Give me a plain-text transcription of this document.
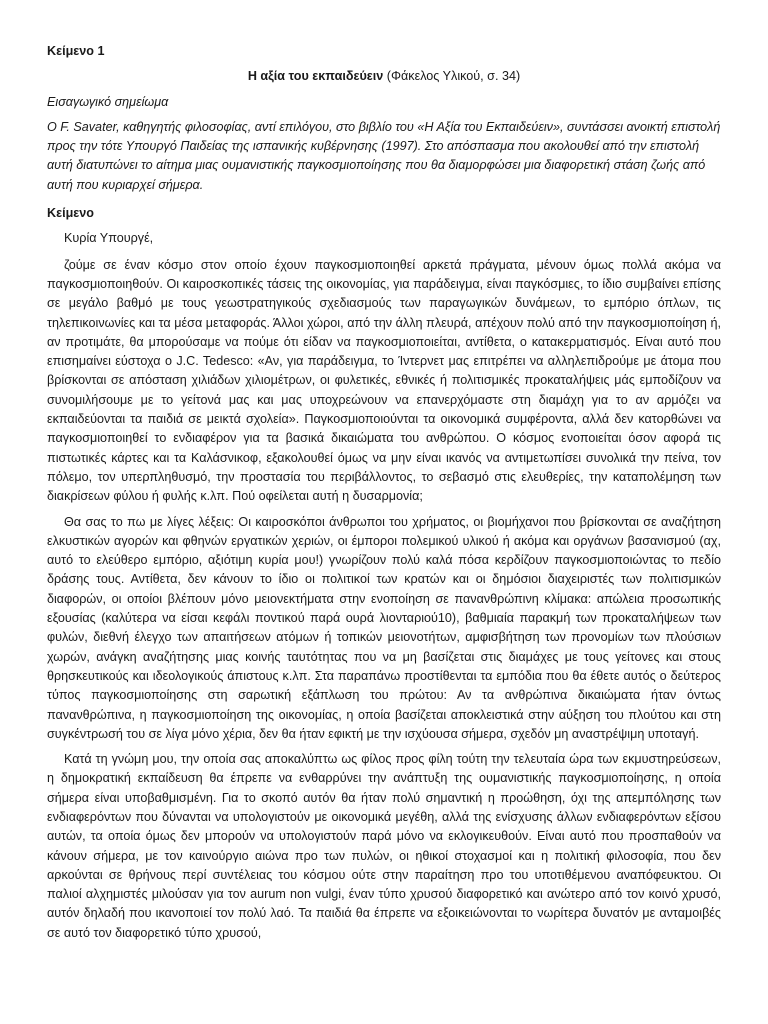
Κείμενο 1

Η αξία του εκπαιδεύειν (Φάκελος Υλικού, σ. 34)

Εισαγωγικό σημείωμα

Ο F. Savater, καθηγητής φιλοσοφίας, αντί επιλόγου, στο βιβλίο του «Η Αξία του Εκπαιδεύειν», συντάσσει ανοικτή επιστολή προς την τότε Υπουργό Παιδείας της ισπανικής κυβέρνησης (1997). Στο απόσπασμα που ακολουθεί από την επιστολή αυτή διατυπώνει το αίτημα μιας ουμανιστικής παγκοσμιοποίησης που θα διαμορφώσει μια διαφορετική στάση ζωής από αυτή που κυριαρχεί σήμερα.

Κείμενο

Κυρία Υπουργέ,

ζούμε σε έναν κόσμο στον οποίο έχουν παγκοσμιοποιηθεί αρκετά πράγματα, μένουν όμως πολλά ακόμα να παγκοσμιοποιηθούν. Οι καιροσκοπικές τάσεις της οικονομίας, για παράδειγμα, είναι παγκόσμιες, το ίδιο συμβαίνει επίσης σε μεγάλο βαθμό με τους γεωστρατηγικούς σχεδιασμούς των παραγωγικών δυνάμεων, το εμπόριο όπλων, τις τηλεπικοινωνίες και τα μέσα μεταφοράς. Άλλοι χώροι, από την άλλη πλευρά, απέχουν πολύ από την παγκοσμιοποίηση ή, αν προτιμάτε, θα μπορούσαμε να πούμε ότι είδαν να παγκοσμιοποιείται, αντίθετα, ο κατακερματισμός. Είναι αυτό που επισημαίνει εύστοχα ο J.C. Tedesco: «Αν, για παράδειγμα, το Ίντερνετ μας επιτρέπει να αλληλεπιδρούμε με άτομα που βρίσκονται σε απόσταση χιλιάδων χιλιομέτρων, οι φυλετικές, εθνικές ή πολιτισμικές προκαταλήψεις μάς εμποδίζουν να συνομιλήσουμε με το γείτονά μας και μας υποχρεώνουν να επανερχόμαστε στη διαμάχη για το αν αρμόζει να εκπαιδεύονται τα παιδιά σε μεικτά σχολεία». Παγκοσμιοποιούνται τα οικονομικά συμφέροντα, αλλά δεν κατορθώνει να παγκοσμιοποιηθεί το ενδιαφέρον για τα βασικά δικαιώματα του ανθρώπου. Ο κόσμος ενοποιείται όσον αφορά τις πιστωτικές κάρτες και τα Καλάσνικοφ, εξακολουθεί όμως να μην είναι ικανός να αντιμετωπίσει συνολικά την πείνα, τον πόλεμο, τον υπερπληθυσμό, την προστασία του περιβάλλοντος, το σεβασμό στις ελευθερίες, την καταπολέμηση των διακρίσεων φύλου ή φυλής κ.λπ. Πού οφείλεται αυτή η δυσαρμονία;

Θα σας το πω με λίγες λέξεις: Οι καιροσκόποι άνθρωποι του χρήματος, οι βιομήχανοι που βρίσκονται σε αναζήτηση ελκυστικών αγορών και φθηνών εργατικών χεριών, οι έμποροι πολεμικού υλικού ή ακόμα και οργάνων βασανισμού (αχ, αυτό το ελεύθερο εμπόριο, αξιότιμη κυρία μου!) γνωρίζουν πολύ καλά πόσα κερδίζουν παγκοσμιοποιώντας το πεδίο δράσης τους. Αντίθετα, δεν κάνουν το ίδιο οι πολιτικοί των κρατών και οι δημόσιοι διαχειριστές των πολιτισμικών διαφορών, οι οποίοι βλέπουν μόνο μειονεκτήματα στην ενοποίηση σε πανανθρώπινη κλίμακα: απώλεια προσωπικής εξουσίας (καλύτερα να είσαι κεφάλι ποντικού παρά ουρά λιονταριού10), βαθμιαία παρακμή των προκαταλήψεων των φυλών, διεθνή έλεγχο των απαιτήσεων ατόμων ή τοπικών μειονοτήτων, αμφισβήτηση των προνομίων των πλούσιων χωρών, ανάγκη αναζήτησης μιας κοινής ταυτότητας που να μη βασίζεται στις διαμάχες με τους γείτονες και στους θρησκευτικούς και ιδεολογικούς άπιστους κ.λπ. Στα παραπάνω προστίθενται τα εμπόδια που θα έθετε αυτός ο δεύτερος τύπος παγκοσμιοποίησης στη σαρωτική εξάπλωση του πρώτου: Αν τα ανθρώπινα δικαιώματα ήταν όντως πανανθρώπινα, η παγκοσμιοποίηση της οικονομίας, η οποία βασίζεται αποκλειστικά στην αύξηση του πλούτου και στη συγκέντρωσή του σε λίγα μόνο χέρια, δεν θα ήταν εφικτή με την ισχύουσα σήμερα, σχεδόν μη αναστρέψιμη υποταγή.

Κατά τη γνώμη μου, την οποία σας αποκαλύπτω ως φίλος προς φίλη τούτη την τελευταία ώρα των εκμυστηρεύσεων, η δημοκρατική εκπαίδευση θα έπρεπε να ενθαρρύνει την ανάπτυξη της ουμανιστικής παγκοσμιοποίησης, η οποία σήμερα είναι υποβαθμισμένη. Για το σκοπό αυτόν θα ήταν πολύ σημαντική η προώθηση, όχι της απεμπόλησης των ενδιαφερόντων που δύνανται να υπολογιστούν με οικονομικά μεγέθη, αλλά της ενίσχυσης άλλων ενδιαφερόντων εξίσου αυτών, τα οποία όμως δεν μπορούν να υπολογιστούν παρά μόνο να εκλογικευθούν. Είναι αυτό που προσπαθούν να κάνουν σήμερα, με τον καινούργιο αιώνα προ των πυλών, οι ηθικοί στοχασμοί και η πολιτική φιλοσοφία, που δεν αρκούνται σε θρήνους περί συντέλειας του κόσμου ούτε στην παραίτηση προ του υποτιθέμενου αναπόφευκτου. Οι παλιοί αλχημιστές μιλούσαν για τον aurum non vulgi, έναν τύπο χρυσού διαφορετικό και ανώτερο από τον κοινό χρυσό, αυτόν δηλαδή που ικανοποιεί τον πολύ λαό. Τα παιδιά θα έπρεπε να εξοικειώνονται το νωρίτερα δυνατόν με ανταμοιβές σε αυτό τον διαφορετικό τύπο χρυσού,
